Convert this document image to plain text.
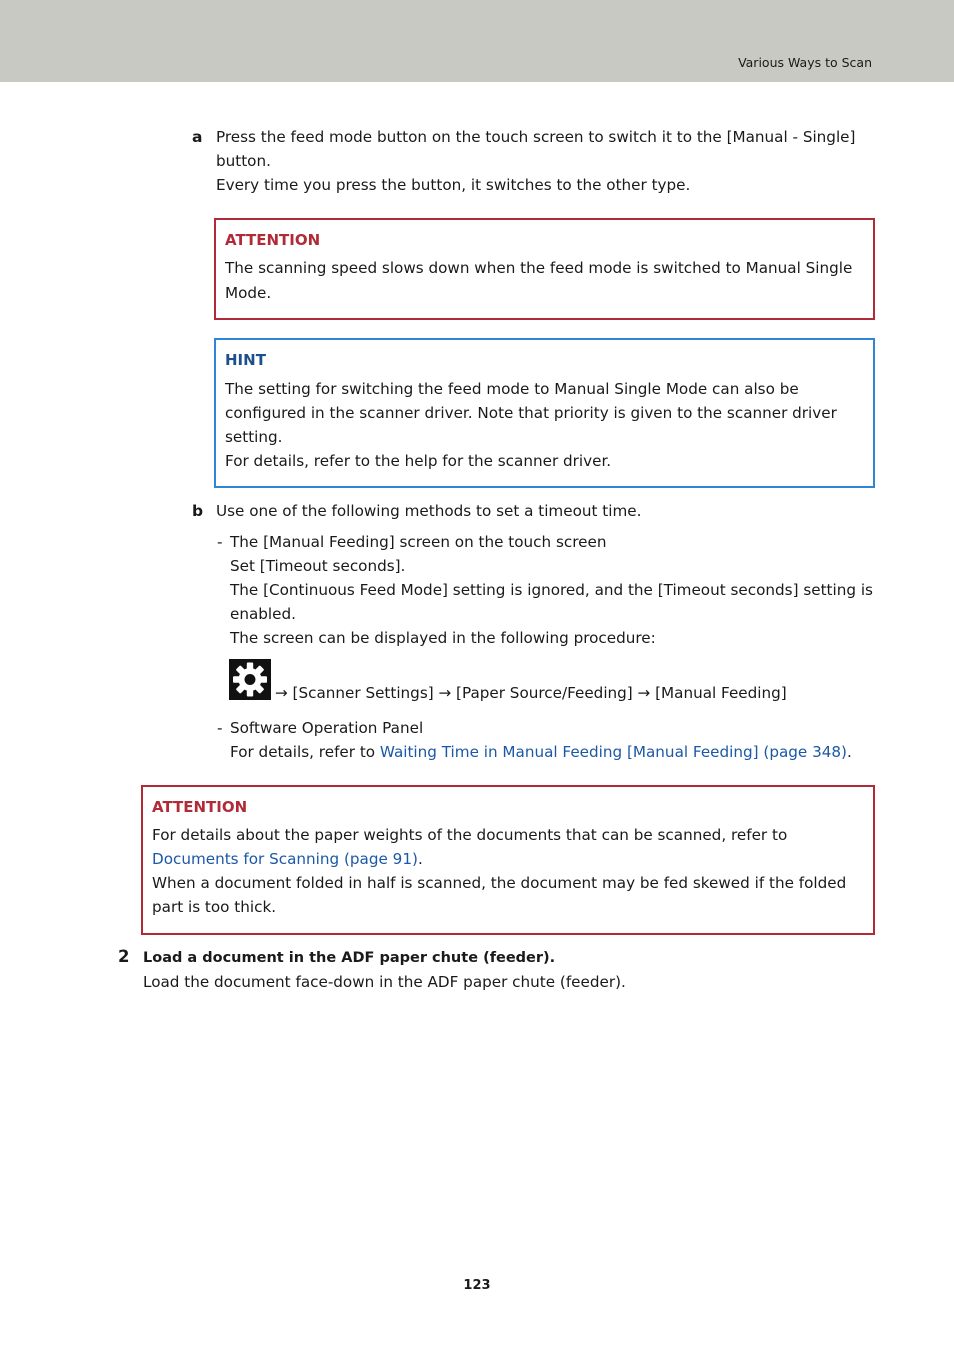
Various Ways to Scan
a Press the feed mode button on the touch screen to switch it to the [Manual - Single]
button.
Every time you press the button, it switches to the other type.
ATTENTION
The scanning speed slows down when the feed mode is switched to Manual Single
Mode.
HINT
The setting for switching the feed mode to Manual Single Mode can also be
configured in the scanner driver. Note that priority is given to the scanner driver
setting.
For details, refer to the help for the scanner driver.
b Use one of the following methods to set a timeout time.
- The [Manual Feeding] screen on the touch screen
Set [Timeout seconds].
The [Continuous Feed Mode] setting is ignored, and the [Timeout seconds] setting is
enabled.
The screen can be displayed in the following procedure:
→ [Scanner Settings] → [Paper Source/Feeding] → [Manual Feeding]
- Software Operation Panel
For details, refer to Waiting Time in Manual Feeding [Manual Feeding] (page 348).
ATTENTION
For details about the paper weights of the documents that can be scanned, refer to
Documents for Scanning (page 91).
When a document folded in half is scanned, the document may be fed skewed if the folded
part is too thick.
2 Load a document in the ADF paper chute (feeder).
Load the document face-down in the ADF paper chute (feeder).
123
